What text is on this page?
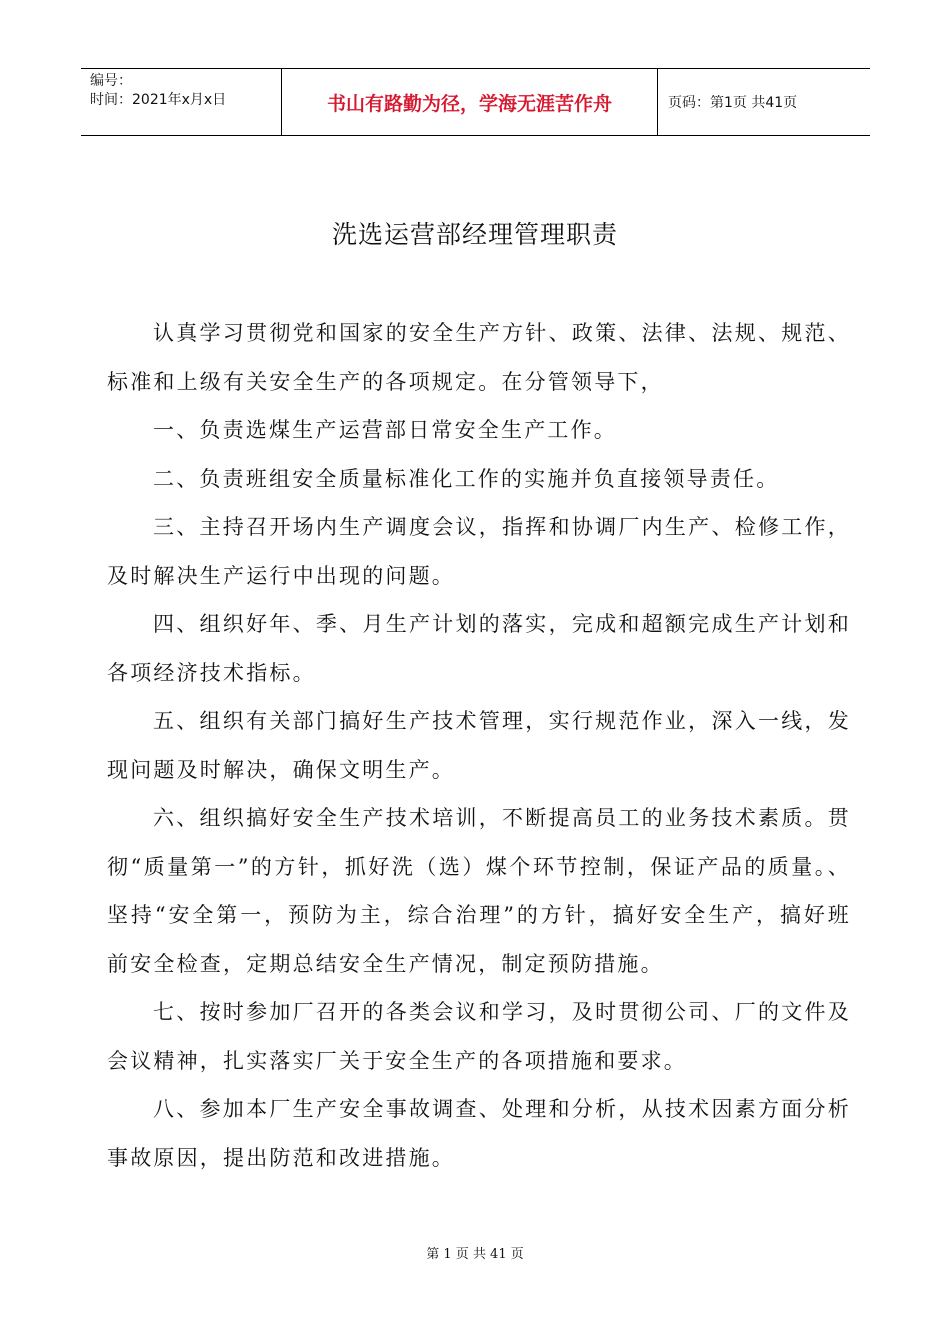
编号：
时间：2021年x月x日	书山有路勤为径，学海无涯苦作舟	页码：第1页 共41页
洗选运营部经理管理职责

认真学习贯彻党和国家的安全生产方针、政策、法律、法规、规范、标准和上级有关安全生产的各项规定。在分管领导下，

一、负责选煤生产运营部日常安全生产工作。

二、负责班组安全质量标准化工作的实施并负直接领导责任。

三、主持召开场内生产调度会议，指挥和协调厂内生产、检修工作，及时解决生产运行中出现的问题。

四、组织好年、季、月生产计划的落实，完成和超额完成生产计划和各项经济技术指标。

五、组织有关部门搞好生产技术管理，实行规范作业，深入一线，发现问题及时解决，确保文明生产。

六、组织搞好安全生产技术培训，不断提高员工的业务技术素质。贯彻“质量第一”的方针，抓好洗（选）煤个环节控制，保证产品的质量。、坚持“安全第一，预防为主，综合治理”的方针，搞好安全生产，搞好班前安全检查，定期总结安全生产情况，制定预防措施。

七、按时参加厂召开的各类会议和学习，及时贯彻公司、厂的文件及会议精神，扎实落实厂关于安全生产的各项措施和要求。

八、参加本厂生产安全事故调查、处理和分析，从技术因素方面分析事故原因，提出防范和改进措施。

第 1 页 共 41 页
